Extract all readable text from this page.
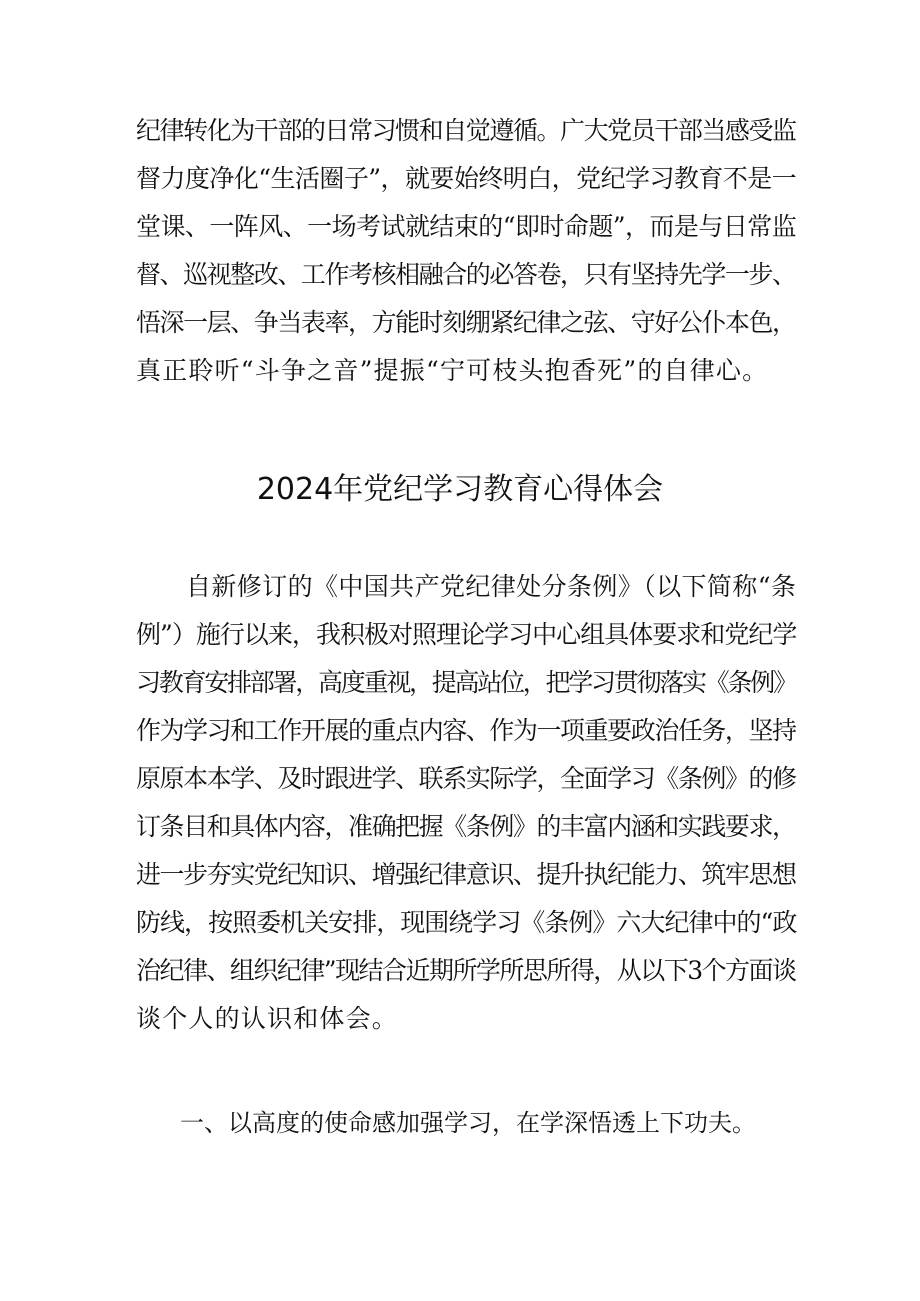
纪律转化为干部的日常习惯和自觉遵循。广大党员干部当感受监
督力度净化“生活圈子”，就要始终明白，党纪学习教育不是一
堂课、一阵风、一场考试就结束的“即时命题”，而是与日常监
督、巡视整改、工作考核相融合的必答卷，只有坚持先学一步、
悟深一层、争当表率，方能时刻绷紧纪律之弦、守好公仆本色，
真正聆听“斗争之音”提振“宁可枝头抱香死”的自律心。
2024年党纪学习教育心得体会
自新修订的《中国共产党纪律处分条例》（以下简称“条
例”）施行以来，我积极对照理论学习中心组具体要求和党纪学
习教育安排部署，高度重视，提高站位，把学习贯彻落实《条例》
作为学习和工作开展的重点内容、作为一项重要政治任务，坚持
原原本本学、及时跟进学、联系实际学，全面学习《条例》的修
订条目和具体内容，准确把握《条例》的丰富内涵和实践要求，
进一步夯实党纪知识、增强纪律意识、提升执纪能力、筑牢思想
防线，按照委机关安排，现围绕学习《条例》六大纪律中的“政
治纪律、组织纪律”现结合近期所学所思所得，从以下3个方面谈
谈个人的认识和体会。
一、以高度的使命感加强学习，在学深悟透上下功夫。
